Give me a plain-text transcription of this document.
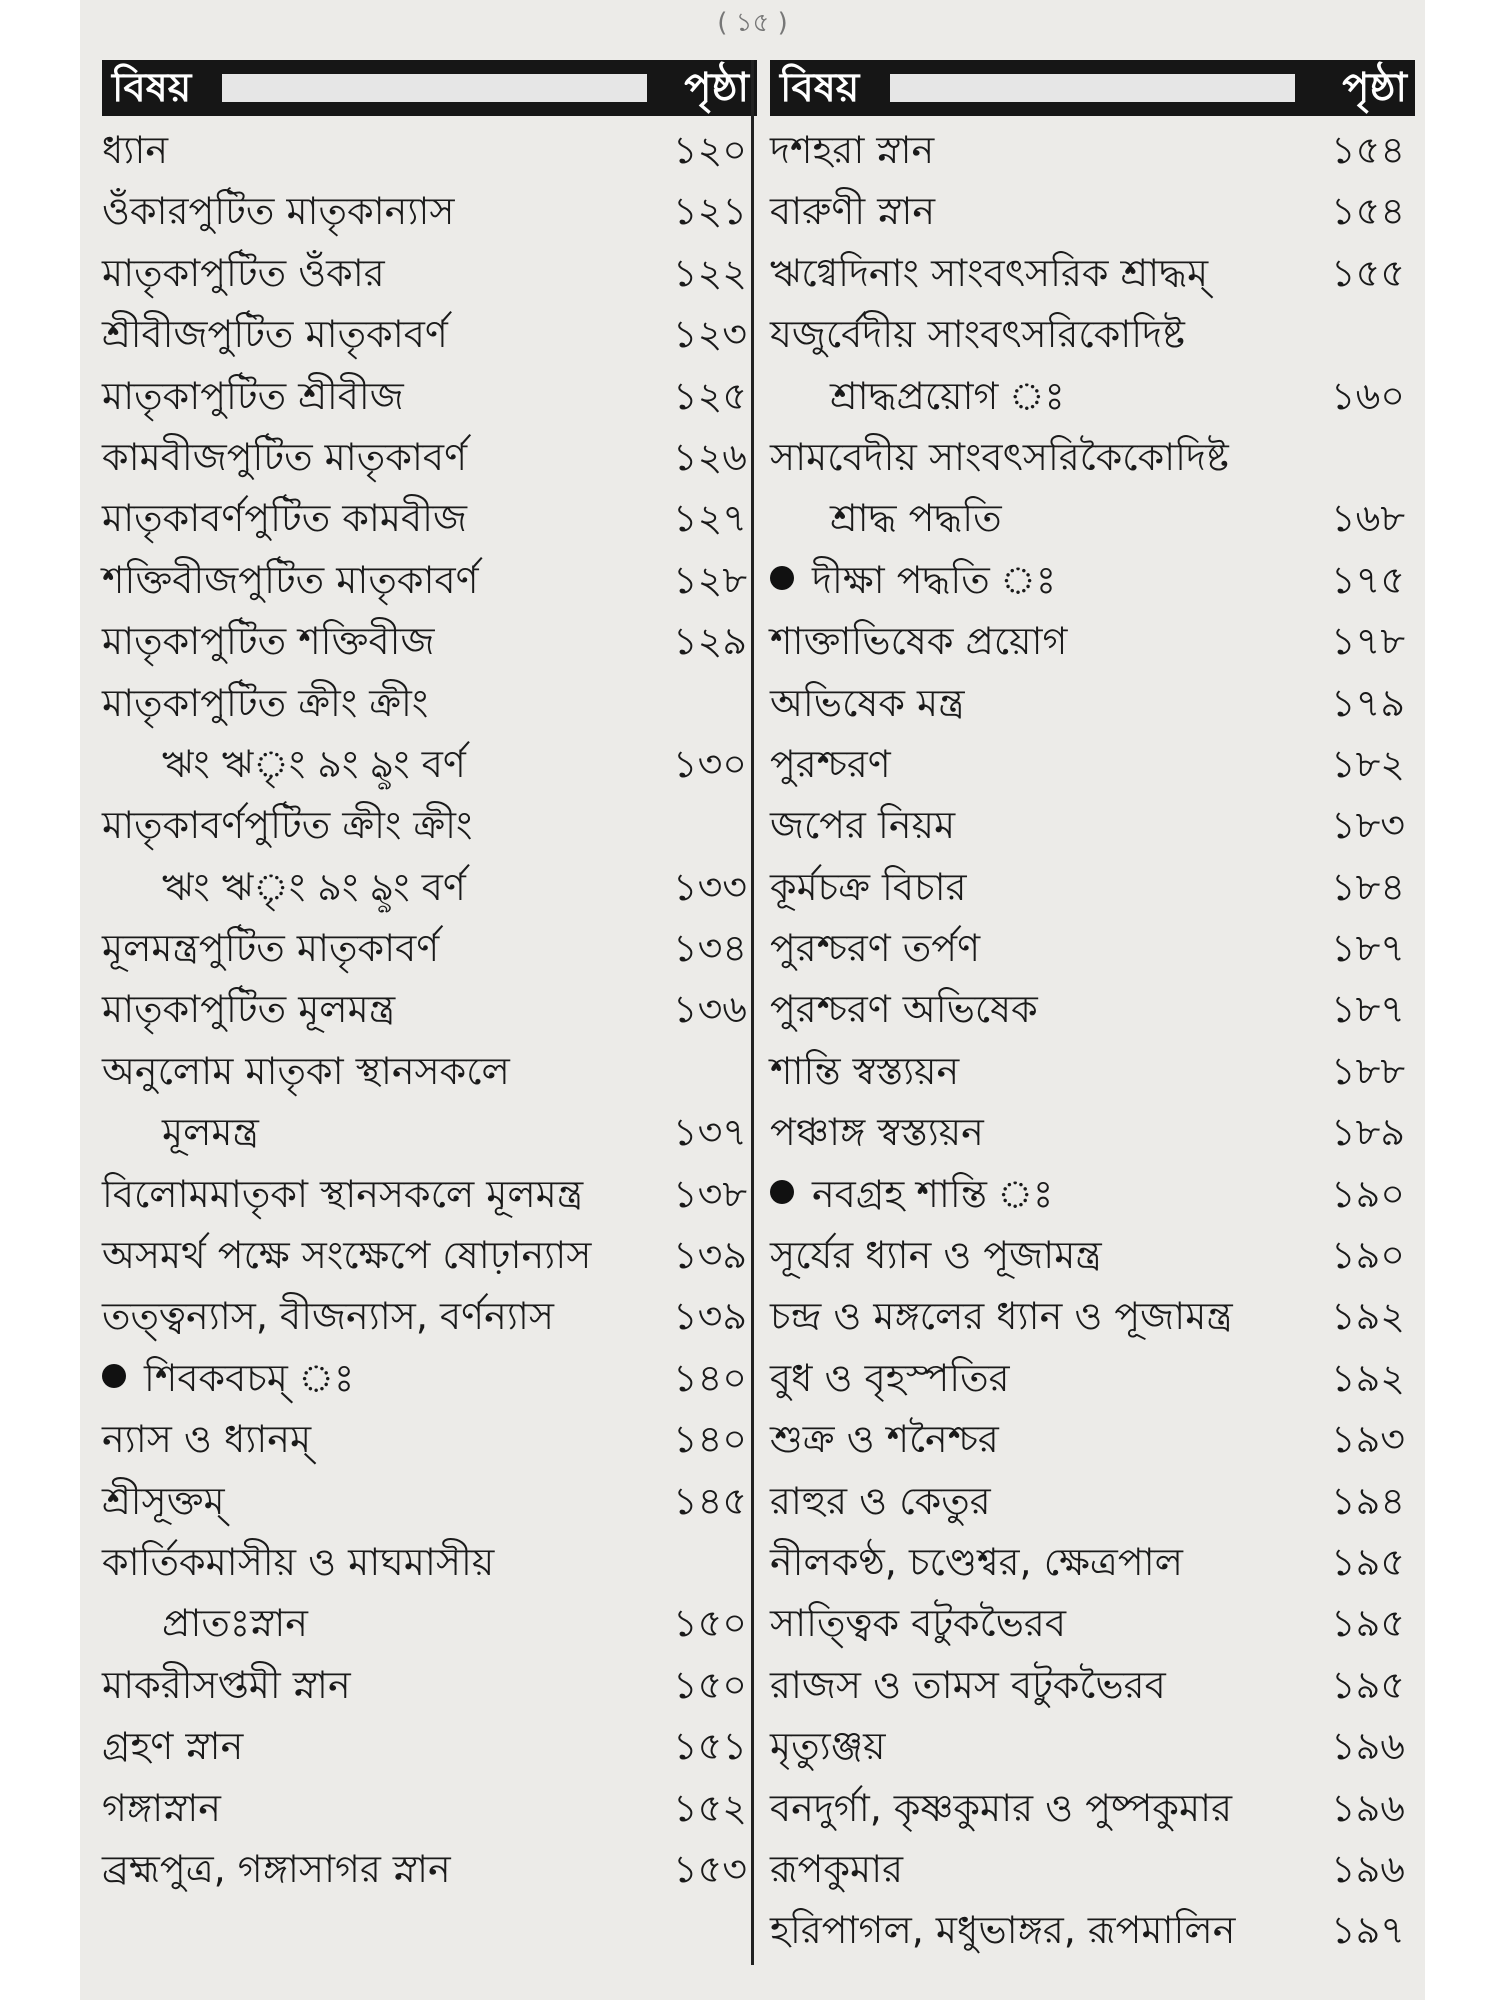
( ১৫ )
বিষয়	পৃষ্ঠা
ধ্যান	১২০
ওঁকারপুটিত মাতৃকান্যাস	১২১
মাতৃকাপুটিত ওঁকার	১২২
শ্রীবীজপুটিত মাতৃকাবর্ণ	১২৩
মাতৃকাপুটিত শ্রীবীজ	১২৫
কামবীজপুটিত মাতৃকাবর্ণ	১২৬
মাতৃকাবর্ণপুটিত কামবীজ	১২৭
শক্তিবীজপুটিত মাতৃকাবর্ণ	১২৮
মাতৃকাপুটিত শক্তিবীজ	১২৯
মাতৃকাপুটিত ক্রীং ক্রীং
ঋং ঋৃং ৯ং ৡং বর্ণ	১৩০
মাতৃকাবর্ণপুটিত ক্রীং ক্রীং
ঋং ঋৃং ৯ং ৡং বর্ণ	১৩৩
মূলমন্ত্রপুটিত মাতৃকাবর্ণ	১৩৪
মাতৃকাপুটিত মূলমন্ত্র	১৩৬
অনুলোম মাতৃকা স্থানসকলে
মূলমন্ত্র	১৩৭
বিলোমমাতৃকা স্থানসকলে মূলমন্ত্র ১৩৮
অসমর্থ পক্ষে সংক্ষেপে ষোঢ়ান্যাস ১৩৯
তত্ত্বন্যাস, বীজন্যাস, বর্ণন্যাস	১৩৯
শিবকবচম্ ঃ	১৪০
ন্যাস ও ধ্যানম্	১৪০
শ্রীসূক্তম্	১৪৫
কার্তিকমাসীয় ও মাঘমাসীয়
প্রাতঃস্নান	১৫০
মাকরীসপ্তমী স্নান	১৫০
গ্রহণ স্নান	১৫১
গঙ্গাস্নান	১৫২
ব্রহ্মপুত্র, গঙ্গাসাগর স্নান	১৫৩
বিষয়	পৃষ্ঠা
দশহরা স্নান	১৫৪
বারুণী স্নান	১৫৪
ঋগ্বেদিনাং সাংবৎসরিক শ্রাদ্ধম্	১৫৫
যজুর্বেদীয় সাংবৎসরিকোদিষ্ট
শ্রাদ্ধপ্রয়োগ ঃ	১৬০
সামবেদীয় সাংবৎসরিকৈকোদিষ্ট
শ্রাদ্ধ পদ্ধতি	১৬৮
দীক্ষা পদ্ধতি ঃ	১৭৫
শাক্তাভিষেক প্রয়োগ	১৭৮
অভিষেক মন্ত্র	১৭৯
পুরশ্চরণ	১৮২
জপের নিয়ম	১৮৩
কূর্মচক্র বিচার	১৮৪
পুরশ্চরণ তর্পণ	১৮৭
পুরশ্চরণ অভিষেক	১৮৭
শান্তি স্বস্ত্যয়ন	১৮৮
পঞ্চাঙ্গ স্বস্ত্যয়ন	১৮৯
নবগ্রহ শান্তি ঃ	১৯০
সূর্যের ধ্যান ও পূজামন্ত্র	১৯০
চন্দ্র ও মঙ্গলের ধ্যান ও পূজামন্ত্র	১৯২
বুধ ও বৃহস্পতির	১৯২
শুক্র ও শনৈশ্চর	১৯৩
রাহুর ও কেতুর	১৯৪
নীলকণ্ঠ, চণ্ডেশ্বর, ক্ষেত্রপাল	১৯৫
সাত্ত্বিক বটুকভৈরব	১৯৫
রাজস ও তামস বটুকভৈরব	১৯৫
মৃত্যুঞ্জয়	১৯৬
বনদুর্গা, কৃষ্ণকুমার ও পুষ্পকুমার	১৯৬
রূপকুমার	১৯৬
হরিপাগল, মধুভাঙ্গর, রূপমালিন	১৯৭
